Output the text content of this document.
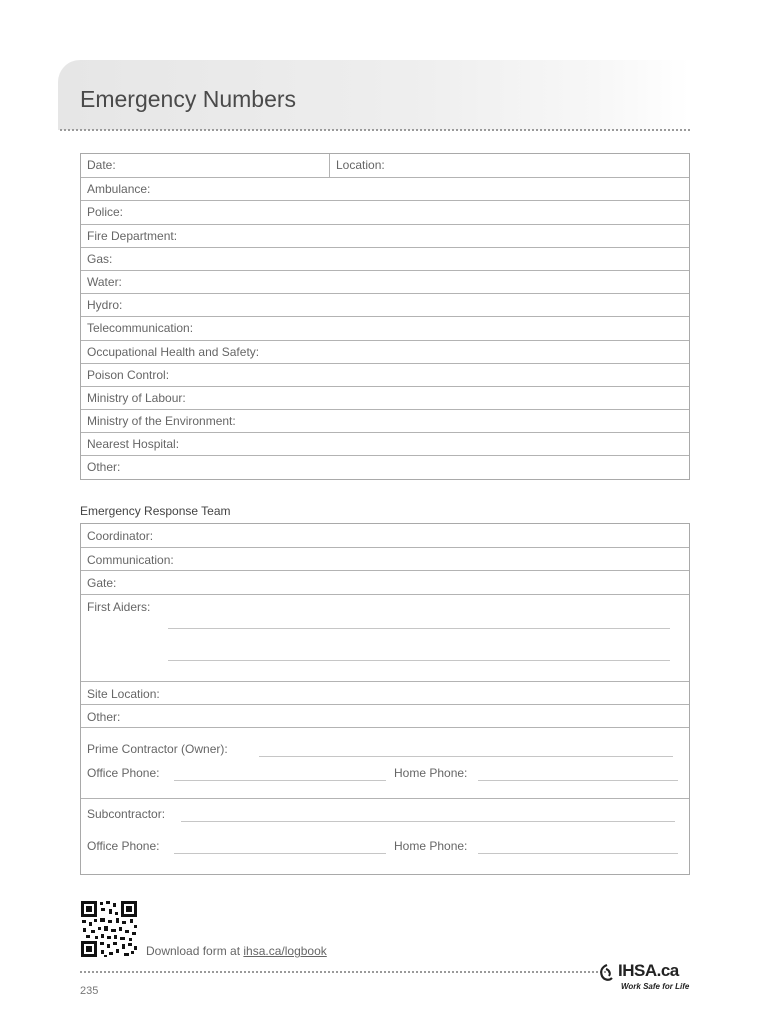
Emergency Numbers
Date:	Location:
Ambulance:
Police:
Fire Department:
Gas:
Water:
Hydro:
Telecommunication:
Occupational Health and Safety:
Poison Control:
Ministry of Labour:
Ministry of the Environment:
Nearest Hospital:
Other:
Emergency Response Team
Coordinator:
Communication:
Gate:
First Aiders:
Site Location:
Other:
Prime Contractor (Owner):
Office Phone:	Home Phone:
Subcontractor:
Office Phone:	Home Phone:
Download form at ihsa.ca/logbook
235
IHSA.ca
Work Safe for Life
